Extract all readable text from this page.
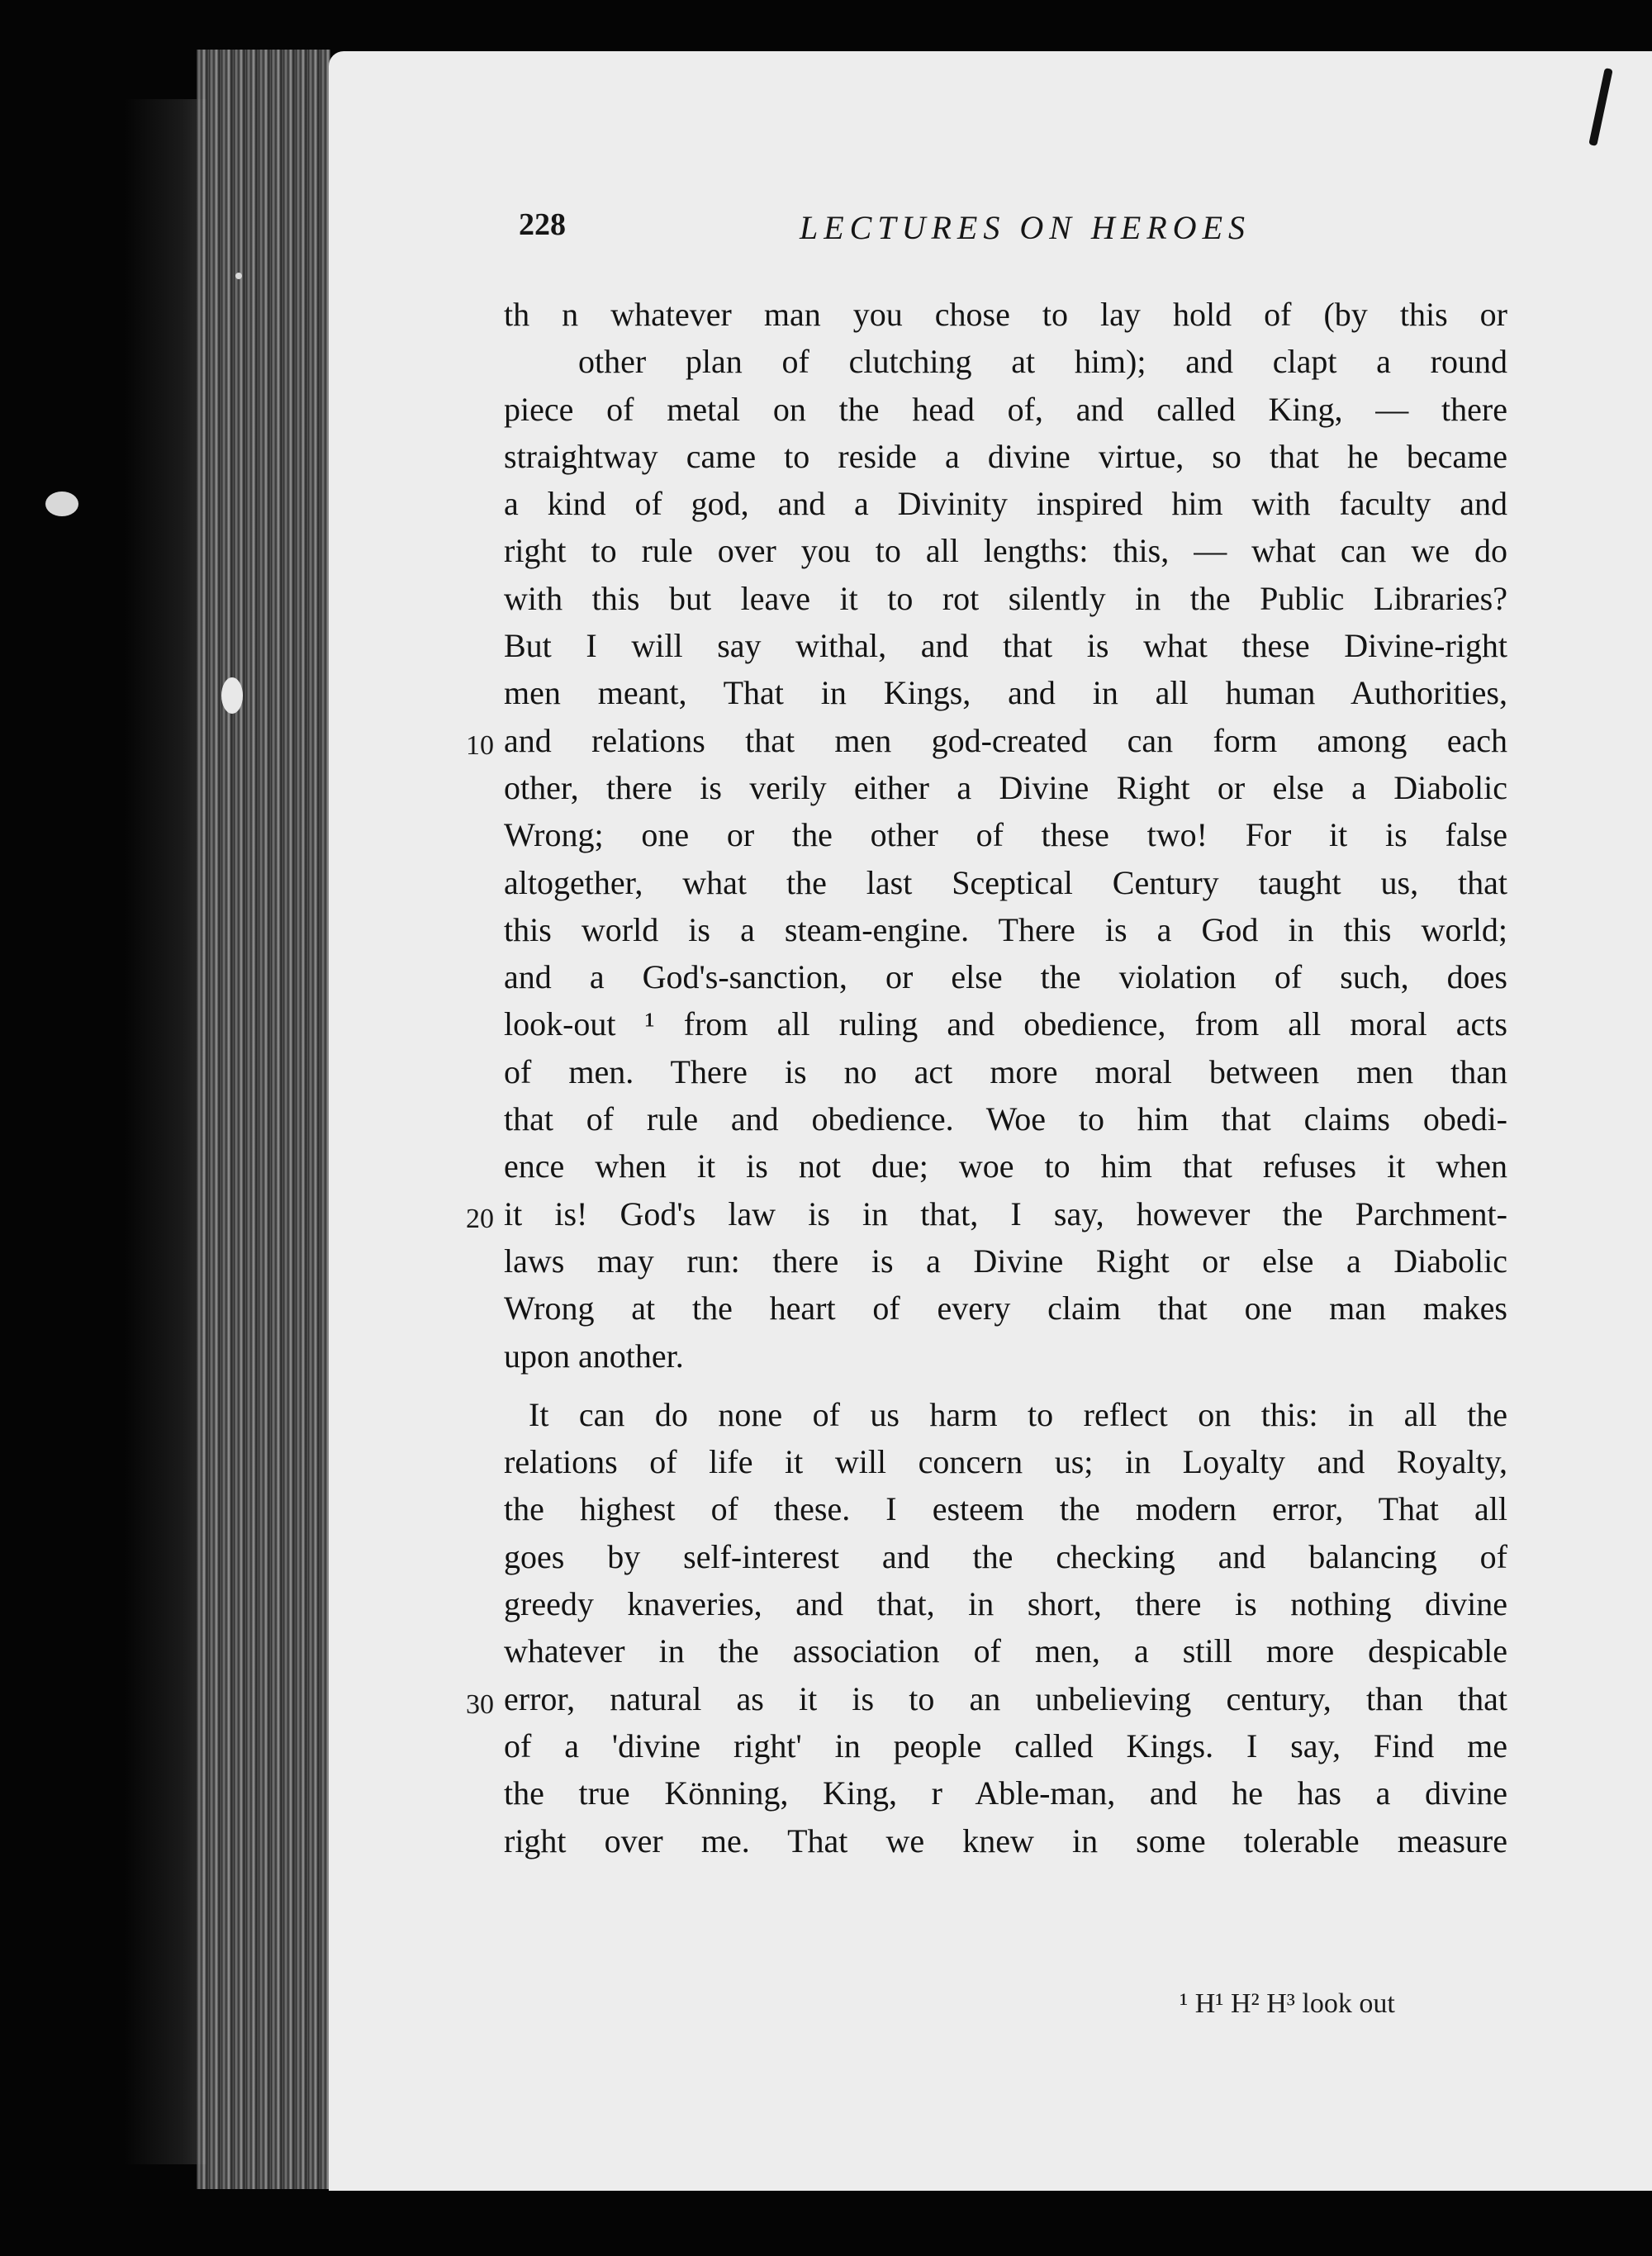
228	LECTURES ON HEROES
th n whatever man you chose to lay hold of (by this or
other plan of clutching at him); and clapt a round
piece of metal on the head of, and called King, — there
straightway came to reside a divine virtue, so that he became
a kind of god, and a Divinity inspired him with faculty and
right to rule over you to all lengths: this, — what can we do
with this but leave it to rot silently in the Public Libraries?
But I will say withal, and that is what these Divine-right
men meant, That in Kings, and in all human Authorities,
and relations that men god-created can form among each
other, there is verily either a Divine Right or else a Diabolic
Wrong; one or the other of these two! For it is false
altogether, what the last Sceptical Century taught us, that
this world is a steam-engine. There is a God in this world;
and a God's-sanction, or else the violation of such, does
look-out ¹ from all ruling and obedience, from all moral acts
of men. There is no act more moral between men than
that of rule and obedience. Woe to him that claims obedi-
ence when it is not due; woe to him that refuses it when
it is! God's law is in that, I say, however the Parchment-
laws may run: there is a Divine Right or else a Diabolic
Wrong at the heart of every claim that one man makes
upon another.
It can do none of us harm to reflect on this: in all the
relations of life it will concern us; in Loyalty and Royalty,
the highest of these. I esteem the modern error, That all
goes by self-interest and the checking and balancing of
greedy knaveries, and that, in short, there is nothing divine
whatever in the association of men, a still more despicable
error, natural as it is to an unbelieving century, than that
of a 'divine right' in people called Kings. I say, Find me
the true Könning, King, r Able-man, and he has a divine
right over me. That we knew in some tolerable measure
10
20
30
¹ H¹ H² H³ look out
